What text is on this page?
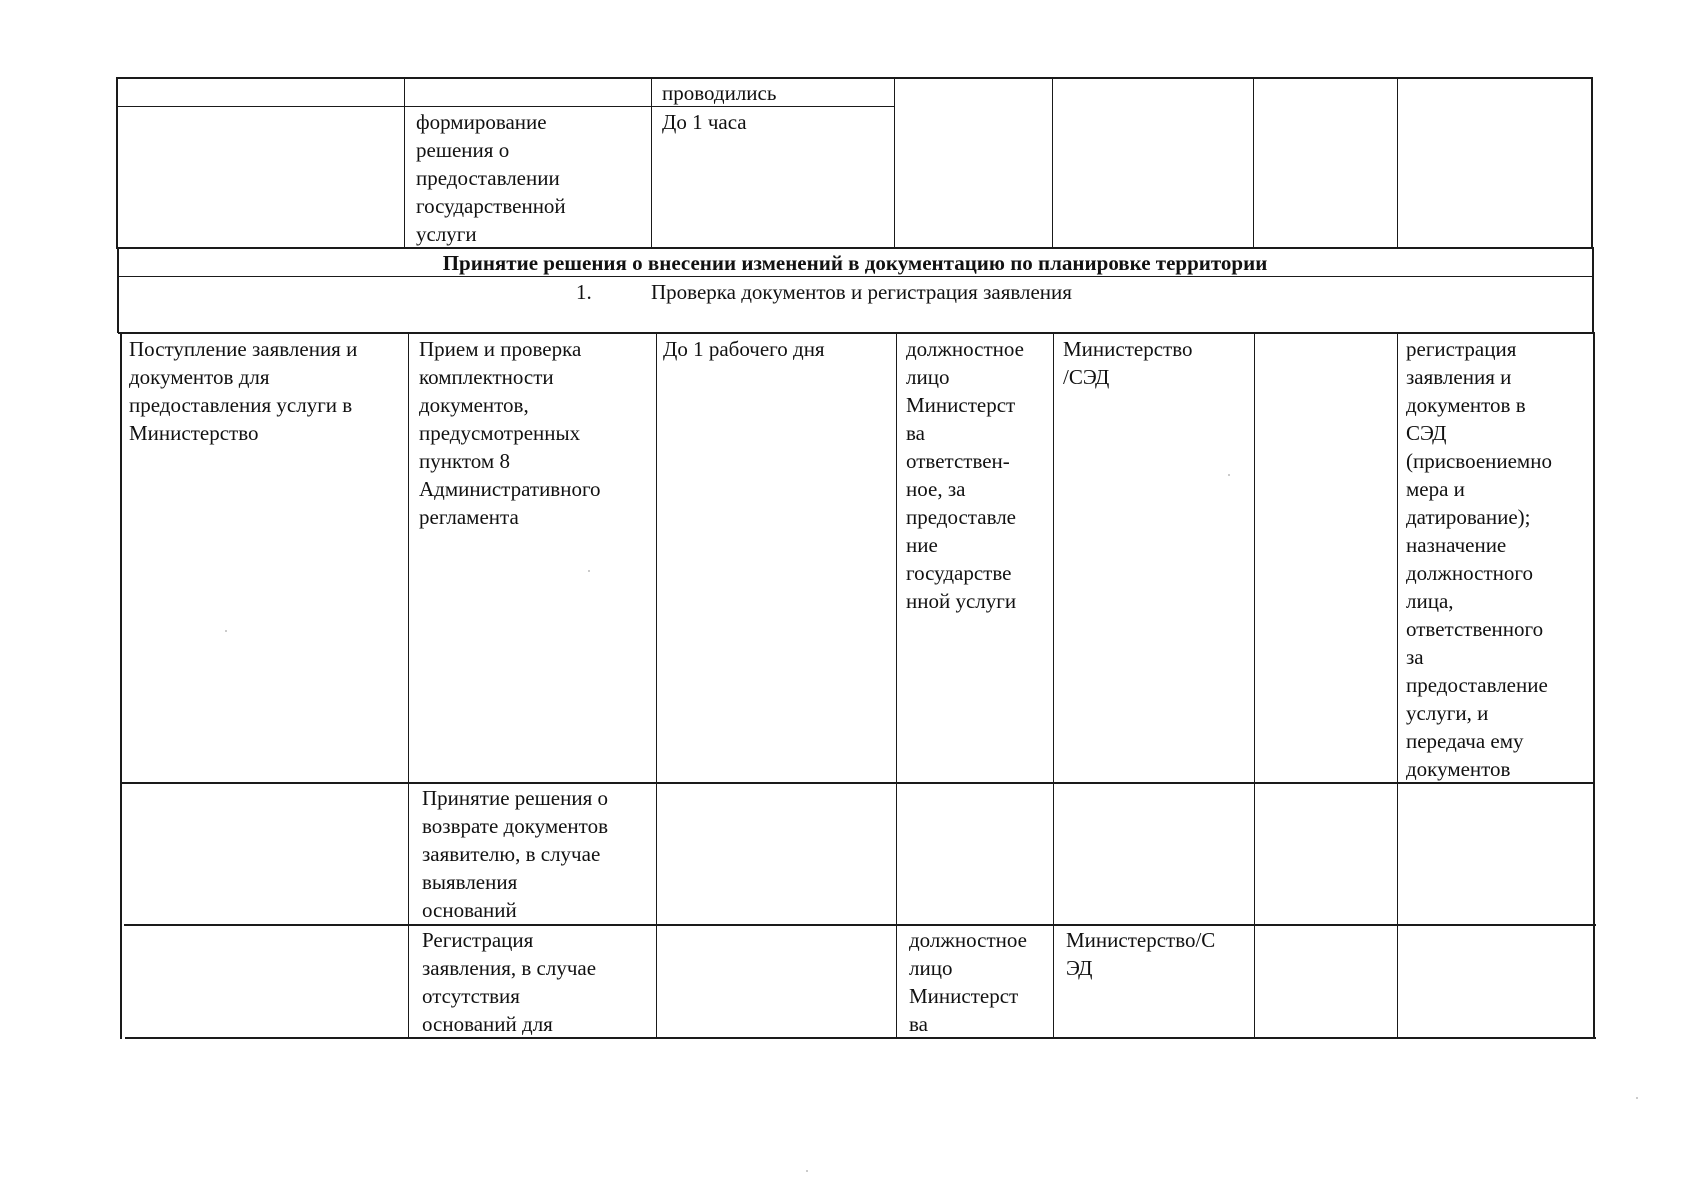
проводились
формирование
решения о
предоставлении
государственной
услуги
До 1 часа
Принятие решения о внесении изменений в документацию по планировке территории
1.	Проверка документов и регистрация заявления
Поступление заявления и
документов для
предоставления услуги в
Министерство
Прием и проверка
комплектности
документов,
предусмотренных
пунктом 8
Административного
регламента
До 1 рабочего дня	должностное
лицо
Министерст
ва
ответствен-
ное, за
предоставле
ние
государстве
нной услуги
Министерство
/СЭД
регистрация
заявления и
документов в
СЭД
(присвоениемно
мера и
датирование);
назначение
должностного
лица,
ответственного
за
предоставление
услуги, и
передача ему
документов
Принятие решения о
возврате документов
заявителю, в случае
выявления
оснований
Регистрация
заявления, в случае
отсутствия
оснований для
должностное
лицо
Министерст
ва
Министерство/С
ЭД
